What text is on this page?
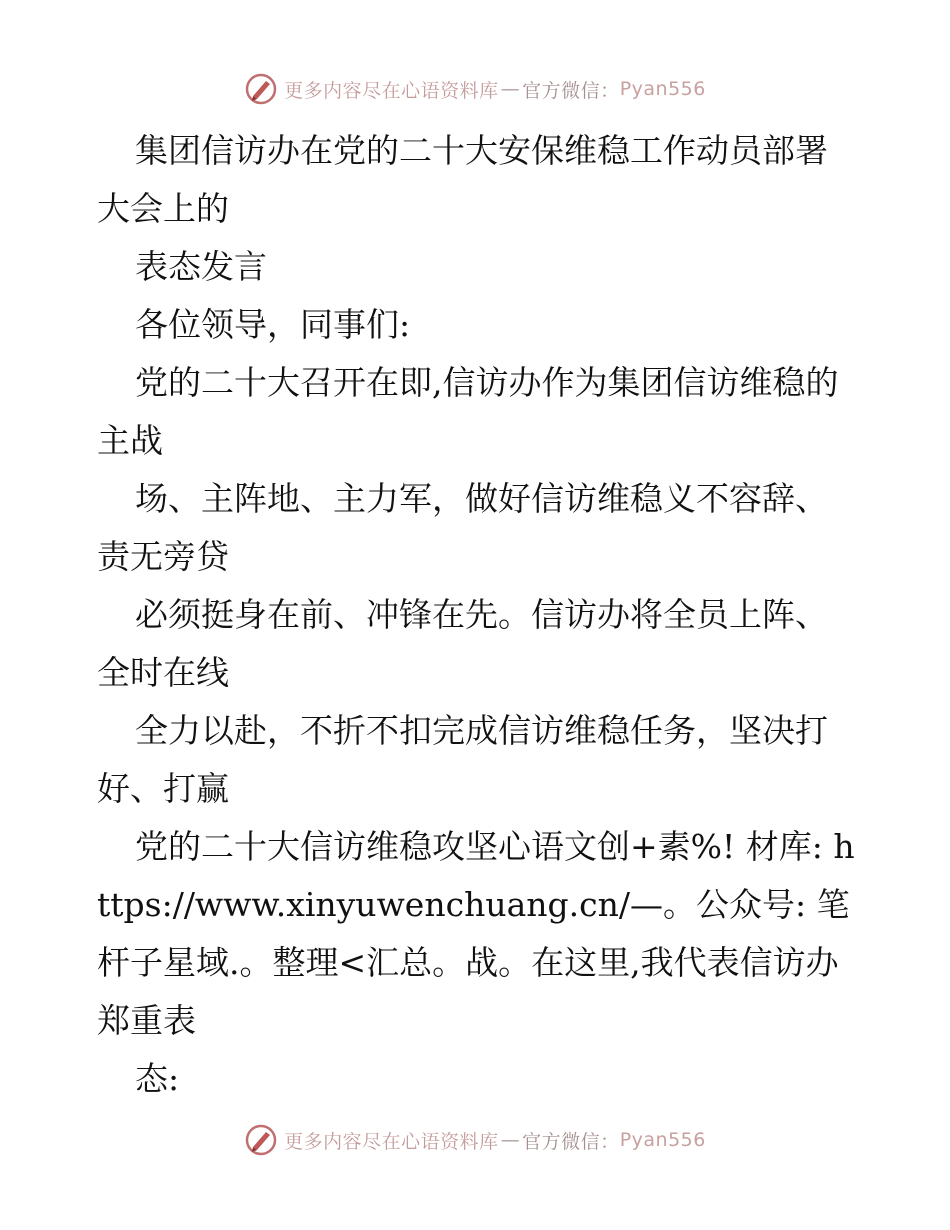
更多内容尽在心语资料库 — 官方微信： Pyan556

集团信访办在党的二十大安保维稳工作动员部署大会上的

表态发言

各位领导，同事们:

党的二十大召开在即,信访办作为集团信访维稳的主战

场、主阵地、主力军，做好信访维稳义不容辞、责无旁贷

必须挺身在前、冲锋在先。信访办将全员上阵、全时在线

全力以赴，不折不扣完成信访维稳任务，坚决打好、打赢

党的二十大信访维稳攻坚心语文创+素%! 材库: https://www.xinyuwenchuang.cn/—。公众号: 笔杆子星域.。整理<汇总。战。在这里,我代表信访办郑重表

态:

更多内容尽在心语资料库 — 官方微信： Pyan556
